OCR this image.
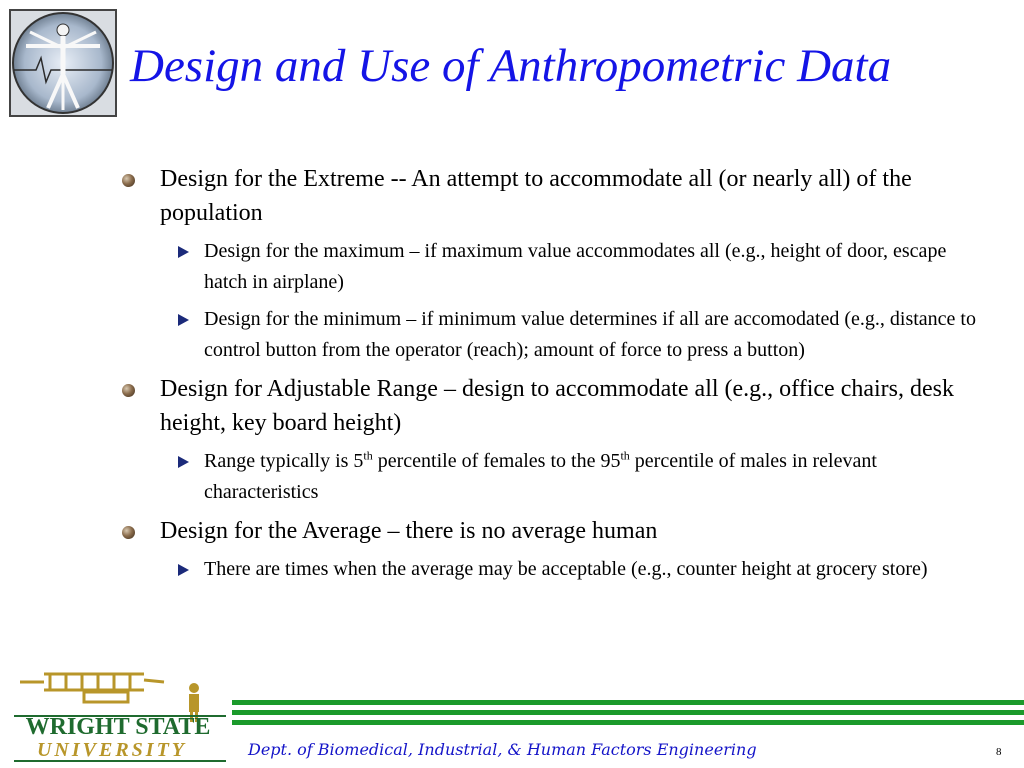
Design and Use of Anthropometric Data
Design for the Extreme -- An attempt to accommodate all (or nearly all) of the population
Design for the maximum – if maximum value accommodates all (e.g., height of door, escape hatch in airplane)
Design for the minimum – if minimum value determines if all are accomodated (e.g., distance to control button from the operator (reach); amount of force to press a button)
Design for Adjustable Range – design to accommodate all (e.g., office chairs, desk height, key board height)
Range typically is 5th percentile of females to the 95th percentile of males in relevant characteristics
Design for the Average – there is no average human
There are times when the average may be acceptable (e.g., counter height at grocery store)
WRIGHT STATE
UNIVERSITY	Dept. of Biomedical, Industrial, & Human Factors Engineering	8
